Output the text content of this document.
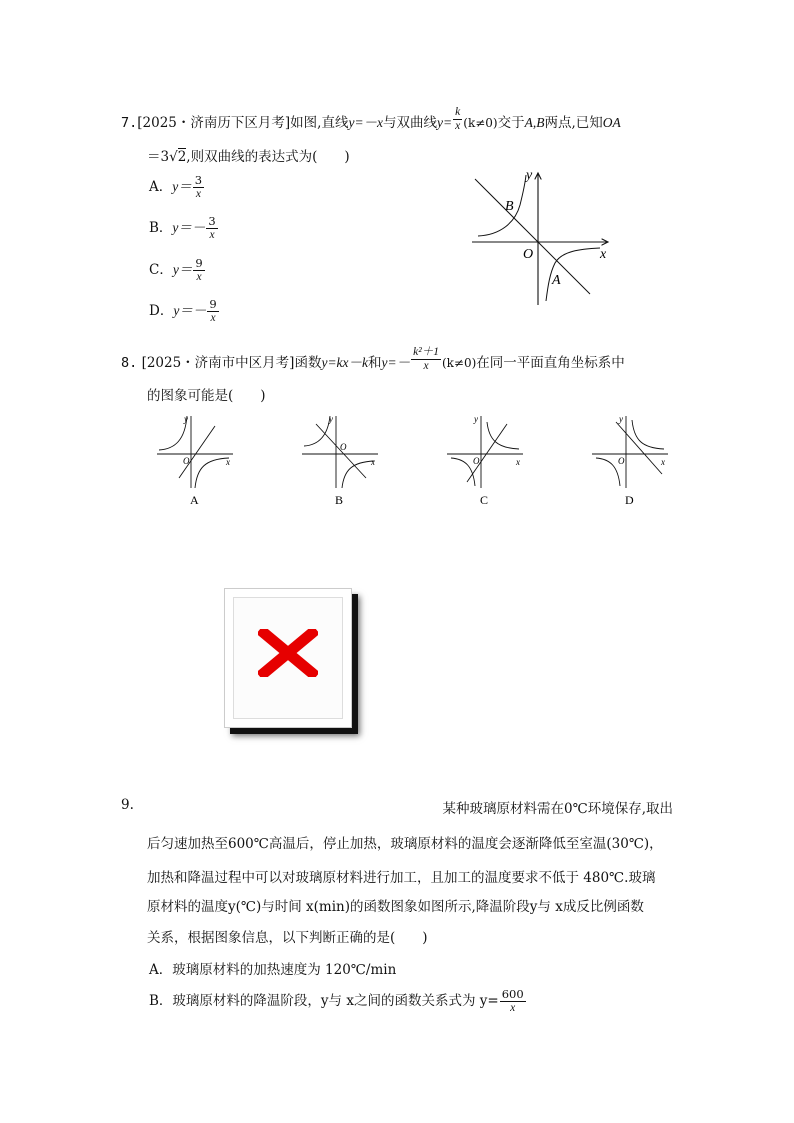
7.[2025・济南历下区月考]如图,直线y=－x与双曲线$y= \frac{k}{x} (k\ne 0)$交于A,B两点,已知OA
＝3√2,则双曲线的表达式为(　　)
A．$y= \frac{3}{x}$
B．$y=- \frac{3}{x}$
C．$y= \frac{9}{x}$
D．$y=- \frac{9}{x}$
y
x
O
B
A
8. [2025・济南市中区月考]函数y=kx－k和$y=- \frac{\text{k²＋1}}{x} (k\ne 0)$在同一平面直角坐标系中
的图象可能是(　　)
y
x
O
A
y
x
O
B
y
x
O
C
y
x
O
D
9.	某种玻璃原材料需在0℃环境保存,取出
后匀速加热至600℃高温后，停止加热，玻璃原材料的温度会逐渐降低至室温(30℃)，
加热和降温过程中可以对玻璃原材料进行加工，且加工的温度要求不低于 480℃.玻璃
原材料的温度y(℃)与时间 x(min)的函数图象如图所示,降温阶段y与 x成反比例函数
关系，根据图象信息，以下判断正确的是(　　)
A．玻璃原材料的加热速度为 120℃/min
B．玻璃原材料的降温阶段，y与 x之间的函数关系式为 $y= \frac{600}{x}$
